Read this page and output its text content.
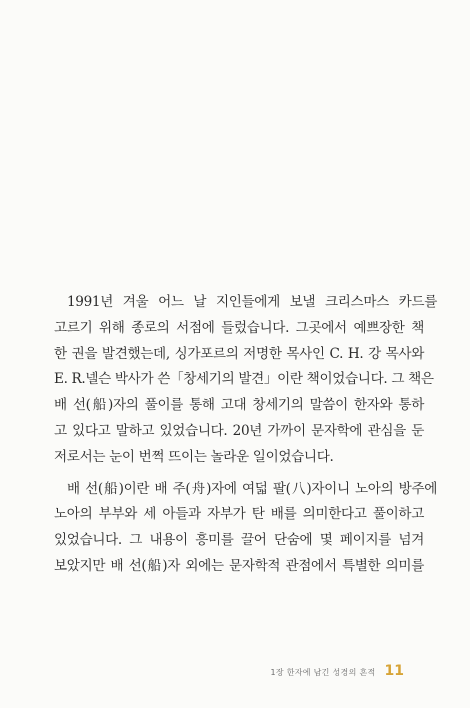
1991년 겨울 어느 날 지인들에게 보낼 크리스마스 카드를
고르기 위해 종로의 서점에 들렀습니다. 그곳에서 예쁘장한 책
한 권을 발견했는데, 싱가포르의 저명한 목사인 C. H. 강 목사와
E. R.넬슨 박사가 쓴「창세기의 발견」이란 책이었습니다. 그 책은
배 선(船)자의 풀이를 통해 고대 창세기의 말씀이 한자와 통하
고 있다고 말하고 있었습니다. 20년 가까이 문자학에 관심을 둔
저로서는 눈이 번쩍 뜨이는 놀라운 일이었습니다.
배 선(船)이란 배 주(舟)자에 여덟 팔(八)자이니 노아의 방주에
노아의 부부와 세 아들과 자부가 탄 배를 의미한다고 풀이하고
있었습니다. 그 내용이 흥미를 끌어 단숨에 몇 페이지를 넘겨
보았지만 배 선(船)자 외에는 문자학적 관점에서 특별한 의미를
1장 한자에 남긴 성경의 흔적 11
